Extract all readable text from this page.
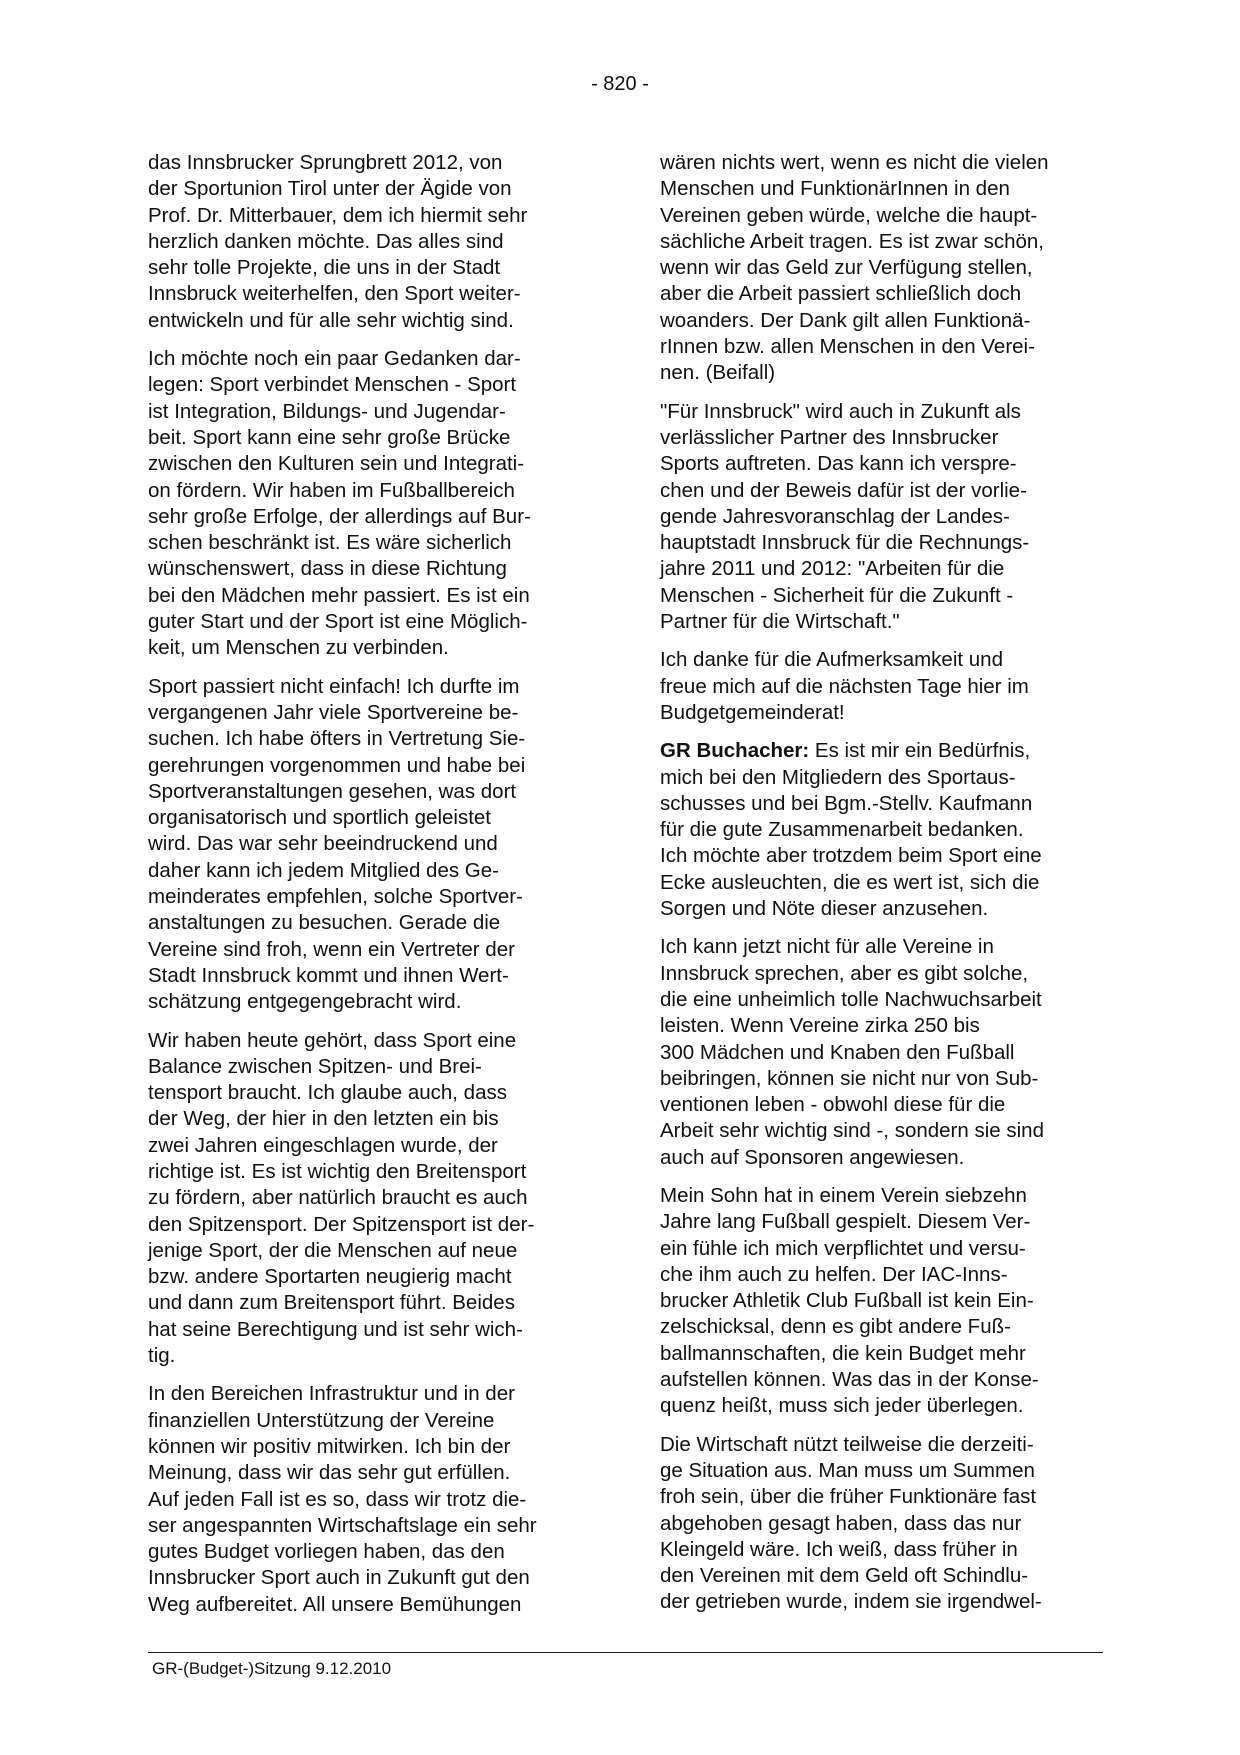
- 820 -

das Innsbrucker Sprungbrett 2012, von
der Sportunion Tirol unter der Ägide von
Prof. Dr. Mitterbauer, dem ich hiermit sehr
herzlich danken möchte. Das alles sind
sehr tolle Projekte, die uns in der Stadt
Innsbruck weiterhelfen, den Sport weiter-
entwickeln und für alle sehr wichtig sind.

Ich möchte noch ein paar Gedanken dar-
legen: Sport verbindet Menschen - Sport
ist Integration, Bildungs- und Jugendar-
beit. Sport kann eine sehr große Brücke
zwischen den Kulturen sein und Integrati-
on fördern. Wir haben im Fußballbereich
sehr große Erfolge, der allerdings auf Bur-
schen beschränkt ist. Es wäre sicherlich
wünschenswert, dass in diese Richtung
bei den Mädchen mehr passiert. Es ist ein
guter Start und der Sport ist eine Möglich-
keit, um Menschen zu verbinden.

Sport passiert nicht einfach! Ich durfte im
vergangenen Jahr viele Sportvereine be-
suchen. Ich habe öfters in Vertretung Sie-
gerehrungen vorgenommen und habe bei
Sportveranstaltungen gesehen, was dort
organisatorisch und sportlich geleistet
wird. Das war sehr beeindruckend und
daher kann ich jedem Mitglied des Ge-
meinderates empfehlen, solche Sportver-
anstaltungen zu besuchen. Gerade die
Vereine sind froh, wenn ein Vertreter der
Stadt Innsbruck kommt und ihnen Wert-
schätzung entgegengebracht wird.

Wir haben heute gehört, dass Sport eine
Balance zwischen Spitzen- und Brei-
tensport braucht. Ich glaube auch, dass
der Weg, der hier in den letzten ein bis
zwei Jahren eingeschlagen wurde, der
richtige ist. Es ist wichtig den Breitensport
zu fördern, aber natürlich braucht es auch
den Spitzensport. Der Spitzensport ist der-
jenige Sport, der die Menschen auf neue
bzw. andere Sportarten neugierig macht
und dann zum Breitensport führt. Beides
hat seine Berechtigung und ist sehr wich-
tig.

In den Bereichen Infrastruktur und in der
finanziellen Unterstützung der Vereine
können wir positiv mitwirken. Ich bin der
Meinung, dass wir das sehr gut erfüllen.
Auf jeden Fall ist es so, dass wir trotz die-
ser angespannten Wirtschaftslage ein sehr
gutes Budget vorliegen haben, das den
Innsbrucker Sport auch in Zukunft gut den
Weg aufbereitet. All unsere Bemühungen

wären nichts wert, wenn es nicht die vielen
Menschen und FunktionärInnen in den
Vereinen geben würde, welche die haupt-
sächliche Arbeit tragen. Es ist zwar schön,
wenn wir das Geld zur Verfügung stellen,
aber die Arbeit passiert schließlich doch
woanders. Der Dank gilt allen Funktionä-
rInnen bzw. allen Menschen in den Verei-
nen. (Beifall)

"Für Innsbruck" wird auch in Zukunft als
verlässlicher Partner des Innsbrucker
Sports auftreten. Das kann ich verspre-
chen und der Beweis dafür ist der vorlie-
gende Jahresvoranschlag der Landes-
hauptstadt Innsbruck für die Rechnungs-
jahre 2011 und 2012: "Arbeiten für die
Menschen - Sicherheit für die Zukunft -
Partner für die Wirtschaft."

Ich danke für die Aufmerksamkeit und
freue mich auf die nächsten Tage hier im
Budgetgemeinderat!

GR Buchacher: Es ist mir ein Bedürfnis,
mich bei den Mitgliedern des Sportaus-
schusses und bei Bgm.-Stellv. Kaufmann
für die gute Zusammenarbeit bedanken.
Ich möchte aber trotzdem beim Sport eine
Ecke ausleuchten, die es wert ist, sich die
Sorgen und Nöte dieser anzusehen.

Ich kann jetzt nicht für alle Vereine in
Innsbruck sprechen, aber es gibt solche,
die eine unheimlich tolle Nachwuchsarbeit
leisten. Wenn Vereine zirka 250 bis
300 Mädchen und Knaben den Fußball
beibringen, können sie nicht nur von Sub-
ventionen leben - obwohl diese für die
Arbeit sehr wichtig sind -, sondern sie sind
auch auf Sponsoren angewiesen.

Mein Sohn hat in einem Verein siebzehn
Jahre lang Fußball gespielt. Diesem Ver-
ein fühle ich mich verpflichtet und versu-
che ihm auch zu helfen. Der IAC-Inns-
brucker Athletik Club Fußball ist kein Ein-
zelschicksal, denn es gibt andere Fuß-
ballmannschaften, die kein Budget mehr
aufstellen können. Was das in der Konse-
quenz heißt, muss sich jeder überlegen.

Die Wirtschaft nützt teilweise die derzeiti-
ge Situation aus. Man muss um Summen
froh sein, über die früher Funktionäre fast
abgehoben gesagt haben, dass das nur
Kleingeld wäre. Ich weiß, dass früher in
den Vereinen mit dem Geld oft Schindlu-
der getrieben wurde, indem sie irgendwel-

GR-(Budget-)Sitzung 9.12.2010
